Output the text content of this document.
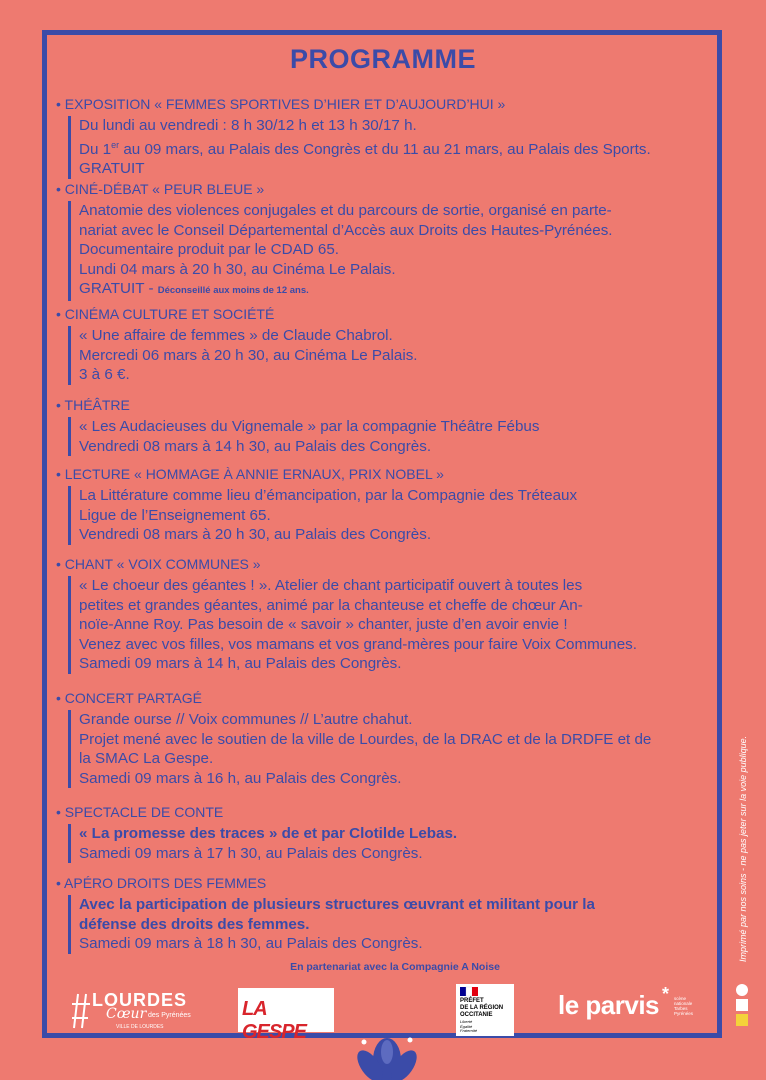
PROGRAMME
• EXPOSITION « FEMMES SPORTIVES D’HIER ET D’AUJOURD’HUI »
Du lundi au vendredi : 8 h 30/12 h et 13 h 30/17 h.
Du 1er au 09 mars, au Palais des Congrès et du 11 au 21 mars, au Palais des Sports.
GRATUIT
• CINÉ-DÉBAT « PEUR BLEUE »
Anatomie des violences conjugales et du parcours de sortie, organisé en parte-
nariat avec le Conseil Départemental d’Accès aux Droits des Hautes-Pyrénées.
Documentaire produit par le CDAD 65.
Lundi 04 mars à 20 h 30, au Cinéma Le Palais.
GRATUIT - Déconseillé aux moins de 12 ans.
• CINÉMA CULTURE ET SOCIÉTÉ
« Une affaire de femmes » de Claude Chabrol.
Mercredi 06 mars à 20 h 30, au Cinéma Le Palais.
3 à 6 €.
• THÉÂTRE
« Les Audacieuses du Vignemale » par la compagnie Théâtre Fébus
Vendredi 08 mars à 14 h 30, au Palais des Congrès.
• LECTURE « HOMMAGE À ANNIE ERNAUX, PRIX NOBEL »
La Littérature comme lieu d’émancipation, par la Compagnie des Tréteaux
Ligue de l’Enseignement 65.
Vendredi 08 mars à 20 h 30, au Palais des Congrès.
• CHANT « VOIX COMMUNES »
« Le choeur des géantes ! ». Atelier de chant participatif ouvert à toutes les
petites et grandes géantes, animé par la chanteuse et cheffe de chœur An-
noïe-Anne Roy. Pas besoin de « savoir » chanter, juste d’en avoir envie !
Venez avec vos filles, vos mamans et vos grand-mères pour faire Voix Communes.
Samedi 09 mars à 14 h, au Palais des Congrès.
• CONCERT PARTAGÉ
Grande ourse // Voix communes // L’autre chahut.
Projet mené avec le soutien de la ville de Lourdes, de la DRAC et de la DRDFE et de
la SMAC La Gespe.
Samedi 09 mars à 16 h, au Palais des Congrès.
• SPECTACLE DE CONTE
« La promesse des traces » de et par Clotilde Lebas.
Samedi 09 mars à 17 h 30, au Palais des Congrès.
• APÉRO DROITS DES FEMMES
Avec la participation de plusieurs structures œuvrant et militant pour la
défense des droits des femmes.
Samedi 09 mars à 18 h 30, au Palais des Congrès.
En partenariat avec la Compagnie A Noise
Imprimé par nos soins - ne pas jeter sur la voie publique.
LOURDES
Cœur des Pyrénées
VILLE DE LOURDES
LA GESPE
PRÉFET
DE LA RÉGION
OCCITANIE
Liberté
Égalité
Fraternité
le parvis * scène
nationale
Tarbes
Pyrénées
